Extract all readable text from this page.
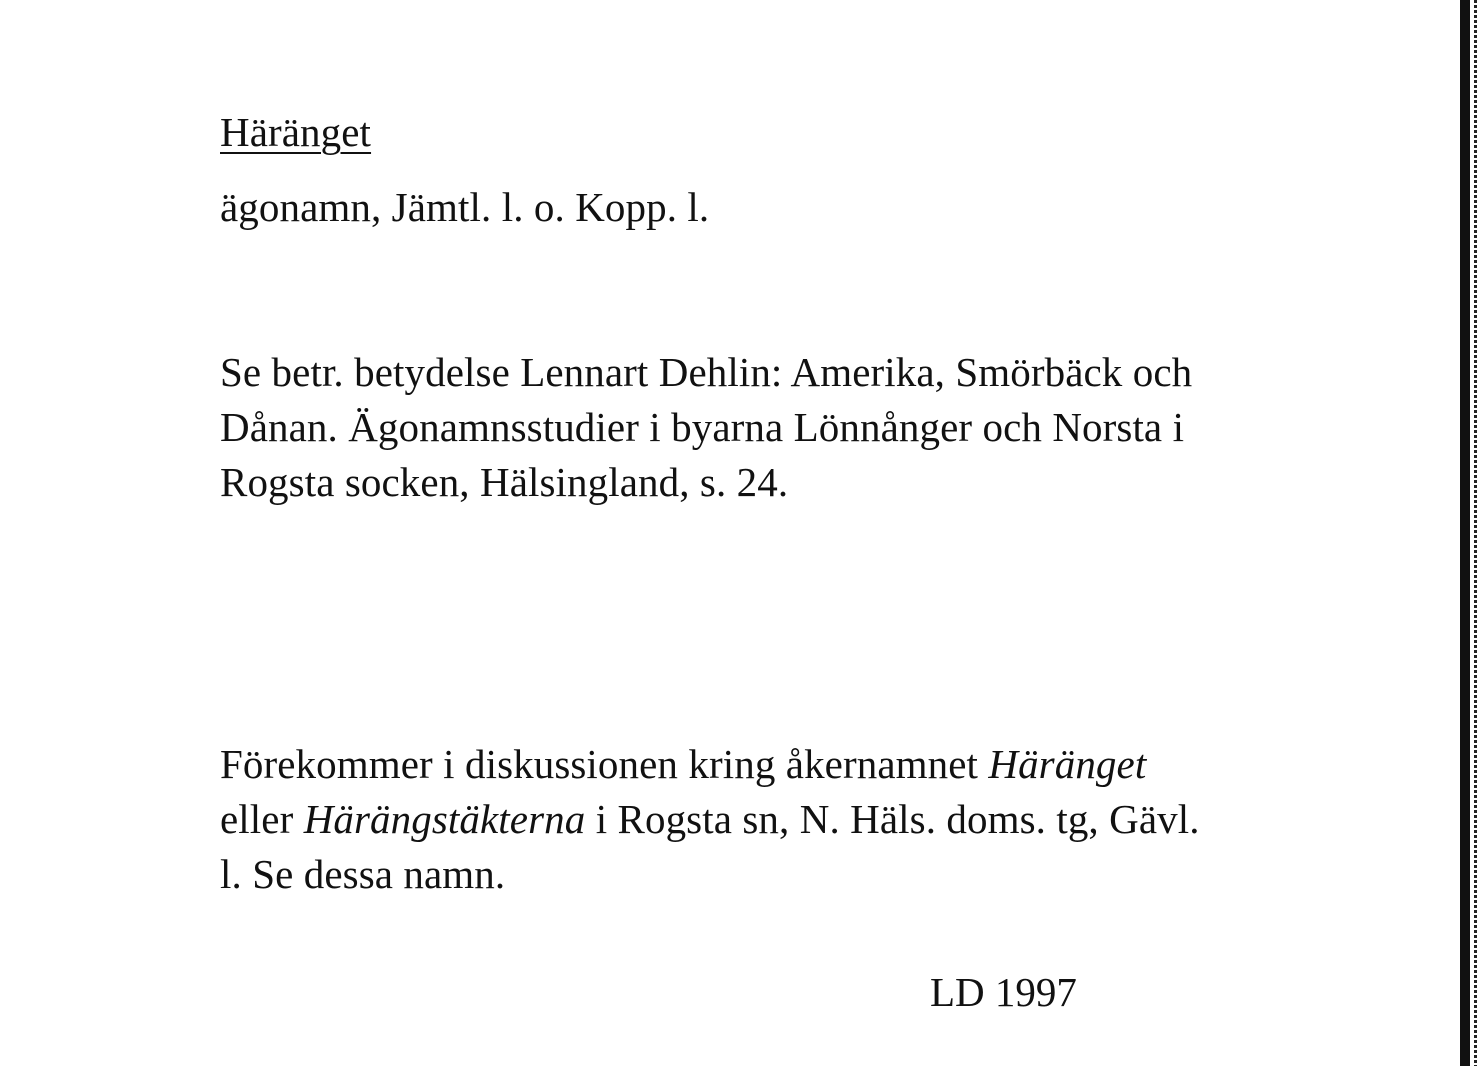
Häränget
ägonamn, Jämtl. l. o. Kopp. l.
Se betr. betydelse Lennart Dehlin: Amerika, Smörbäck och
Dånan. Ägonamnsstudier i byarna Lönnånger och Norsta i
Rogsta socken, Hälsingland, s. 24.
Förekommer i diskussionen kring åkernamnet Häränget
eller Härängstäkterna i Rogsta sn, N. Häls. doms. tg, Gävl.
l. Se dessa namn.
LD 1997
